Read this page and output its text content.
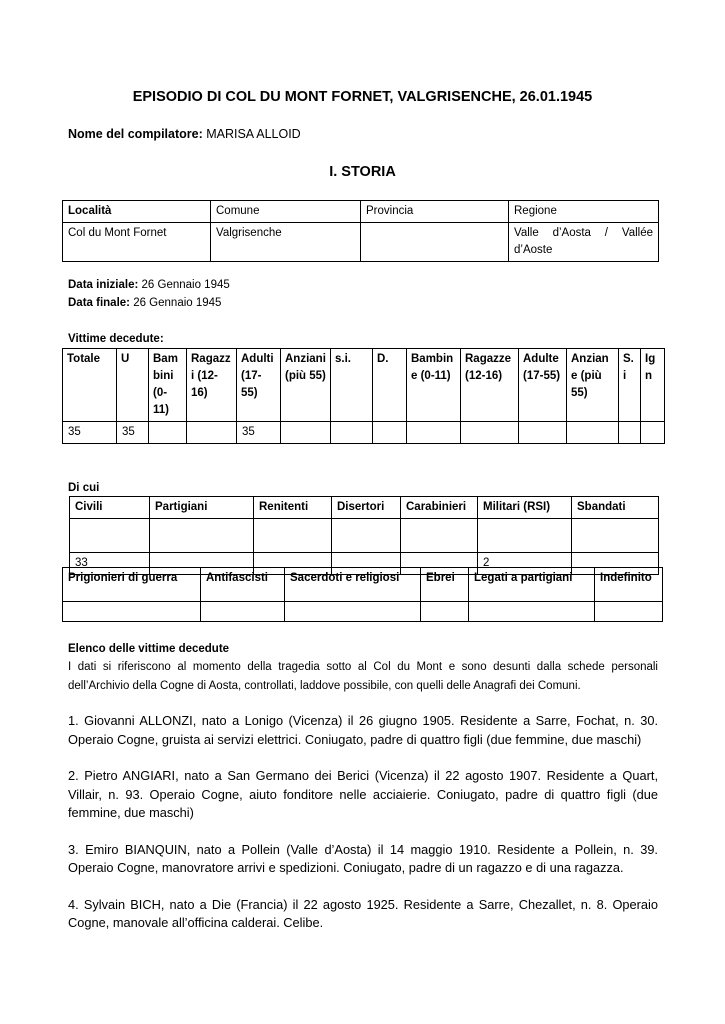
EPISODIO DI COL DU MONT FORNET, VALGRISENCHE, 26.01.1945
Nome del compilatore: MARISA ALLOID
I. STORIA
Località	Comune	Provincia	Regione
Col du Mont Fornet	Valgrisenche		Valle d’Aosta / Vallée d’Aoste
Data iniziale: 26 Gennaio 1945
Data finale: 26 Gennaio 1945
Vittime decedute:
Totale	U	Bambini (0-11)	Ragazzi (12-16)	Adulti (17-55)	Anziani (più 55)	s.i.	D.	Bambine (0-11)	Ragazze (12-16)	Adulte (17-55)	Anziane (più 55)	S. i	Ign
35	35			35									
Di cui
Civili	Partigiani	Renitenti	Disertori	Carabinieri	Militari (RSI)	Sbandati

33					2	
Prigionieri di guerra	Antifascisti	Sacerdoti e religiosi	Ebrei	Legati a partigiani	Indefinito

Elenco delle vittime decedute
I dati si riferiscono al momento della tragedia sotto al Col du Mont e sono desunti dalla schede personali dell’Archivio della Cogne di Aosta, controllati, laddove possibile, con quelli delle Anagrafi dei Comuni.

1. Giovanni ALLONZI, nato a Lonigo (Vicenza) il 26 giugno 1905. Residente a Sarre, Fochat, n. 30. Operaio Cogne, gruista ai servizi elettrici. Coniugato, padre di quattro figli (due femmine, due maschi)

2. Pietro ANGIARI, nato a San Germano dei Berici (Vicenza) il 22 agosto 1907. Residente a Quart, Villair, n. 93. Operaio Cogne, aiuto fonditore nelle acciaierie. Coniugato, padre di quattro figli (due femmine, due maschi)

3. Emiro BIANQUIN, nato a Pollein (Valle d’Aosta) il 14 maggio 1910. Residente a Pollein, n. 39. Operaio Cogne, manovratore arrivi e spedizioni. Coniugato, padre di un ragazzo e di una ragazza.

4. Sylvain BICH, nato a Die (Francia) il 22 agosto 1925. Residente a Sarre, Chezallet, n. 8. Operaio Cogne, manovale all’officina calderai. Celibe.
